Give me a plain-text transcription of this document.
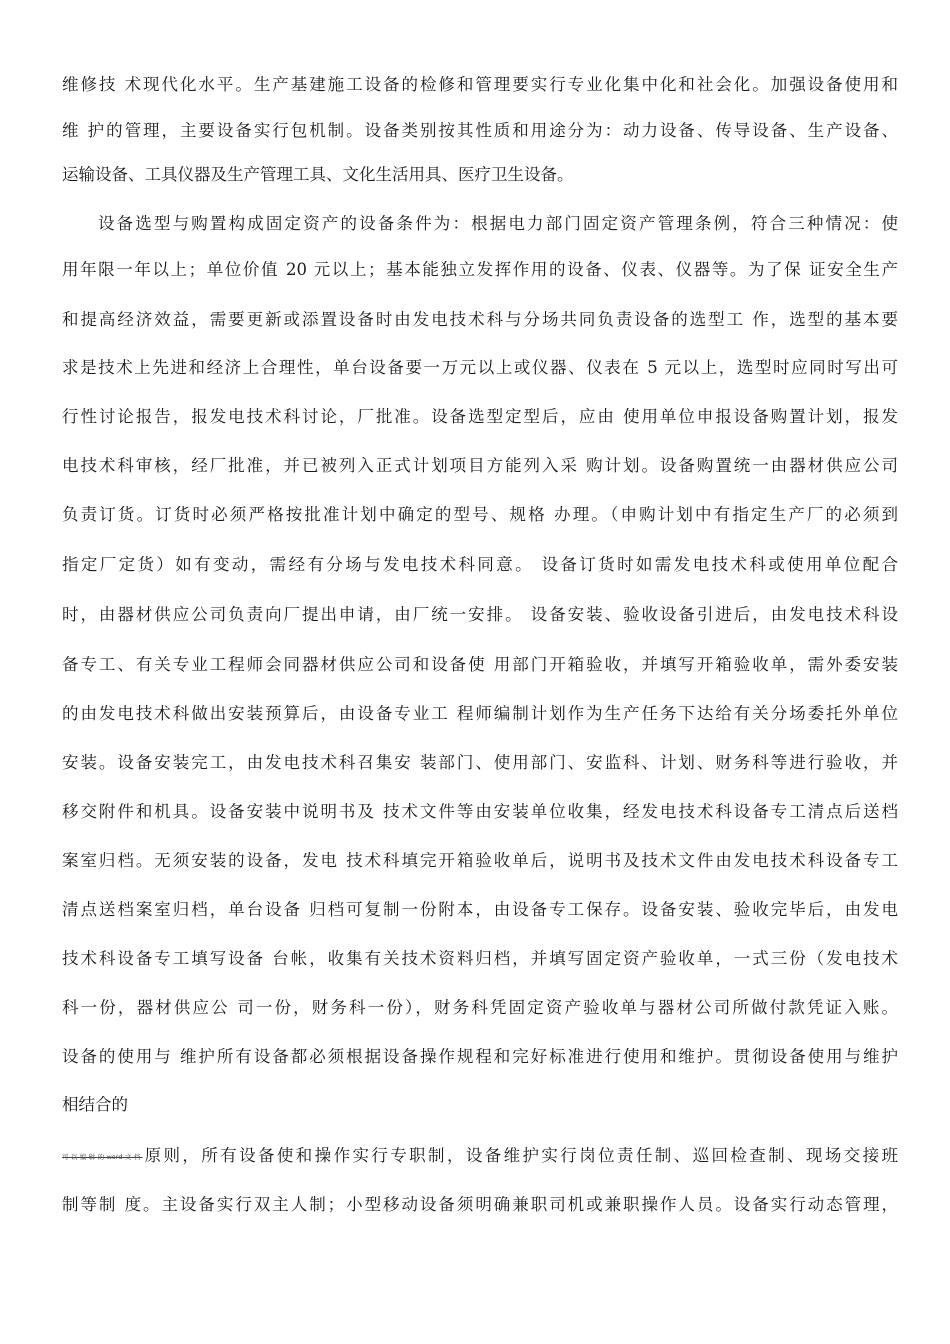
维修技 术现代化水平。生产基建施工设备的检修和管理要实行专业化集中化和社会化。加强设备使用和

维 护的管理，主要设备实行包机制。设备类别按其性质和用途分为：动力设备、传导设备、生产设备、

运输设备、工具仪器及生产管理工具、文化生活用具、医疗卫生设备。

设备选型与购置构成固定资产的设备条件为：根据电力部门固定资产管理条例，符合三种情况：使

用年限一年以上；单位价值 20 元以上；基本能独立发挥作用的设备、仪表、仪器等。为了保 证安全生产

和提高经济效益，需要更新或添置设备时由发电技术科与分场共同负责设备的选型工 作，选型的基本要

求是技术上先进和经济上合理性，单台设备要一万元以上或仪器、仪表在 5 元以上，选型时应同时写出可

行性讨论报告，报发电技术科讨论，厂批准。设备选型定型后，应由 使用单位申报设备购置计划，报发

电技术科审核，经厂批准，并已被列入正式计划项目方能列入采 购计划。设备购置统一由器材供应公司

负责订货。订货时必须严格按批准计划中确定的型号、规格 办理。（申购计划中有指定生产厂的必须到

指定厂定货）如有变动，需经有分场与发电技术科同意。 设备订货时如需发电技术科或使用单位配合

时，由器材供应公司负责向厂提出申请，由厂统一安排。 设备安装、验收设备引进后，由发电技术科设

备专工、有关专业工程师会同器材供应公司和设备使 用部门开箱验收，并填写开箱验收单，需外委安装

的由发电技术科做出安装预算后，由设备专业工 程师编制计划作为生产任务下达给有关分场委托外单位

安装。设备安装完工，由发电技术科召集安 装部门、使用部门、安监科、计划、财务科等进行验收，并

移交附件和机具。设备安装中说明书及 技术文件等由安装单位收集，经发电技术科设备专工清点后送档

案室归档。无须安装的设备，发电 技术科填完开箱验收单后，说明书及技术文件由发电技术科设备专工

清点送档案室归档，单台设备 归档可复制一份附本，由设备专工保存。设备安装、验收完毕后，由发电

技术科设备专工填写设备 台帐，收集有关技术资料归档，并填写固定资产验收单，一式三份（发电技术

科一份，器材供应公 司一份，财务科一份），财务科凭固定资产验收单与器材公司所做付款凭证入账。

设备的使用与 维护所有设备都必须根据设备操作规程和完好标准进行使用和维护。贯彻设备使用与维护

相结合的

可以编辑的word文档 原则，所有设备使和操作实行专职制，设备维护实行岗位责任制、巡回检查制、现场交接班

制等制 度。主设备实行双主人制；小型移动设备须明确兼职司机或兼职操作人员。设备实行动态管理，
